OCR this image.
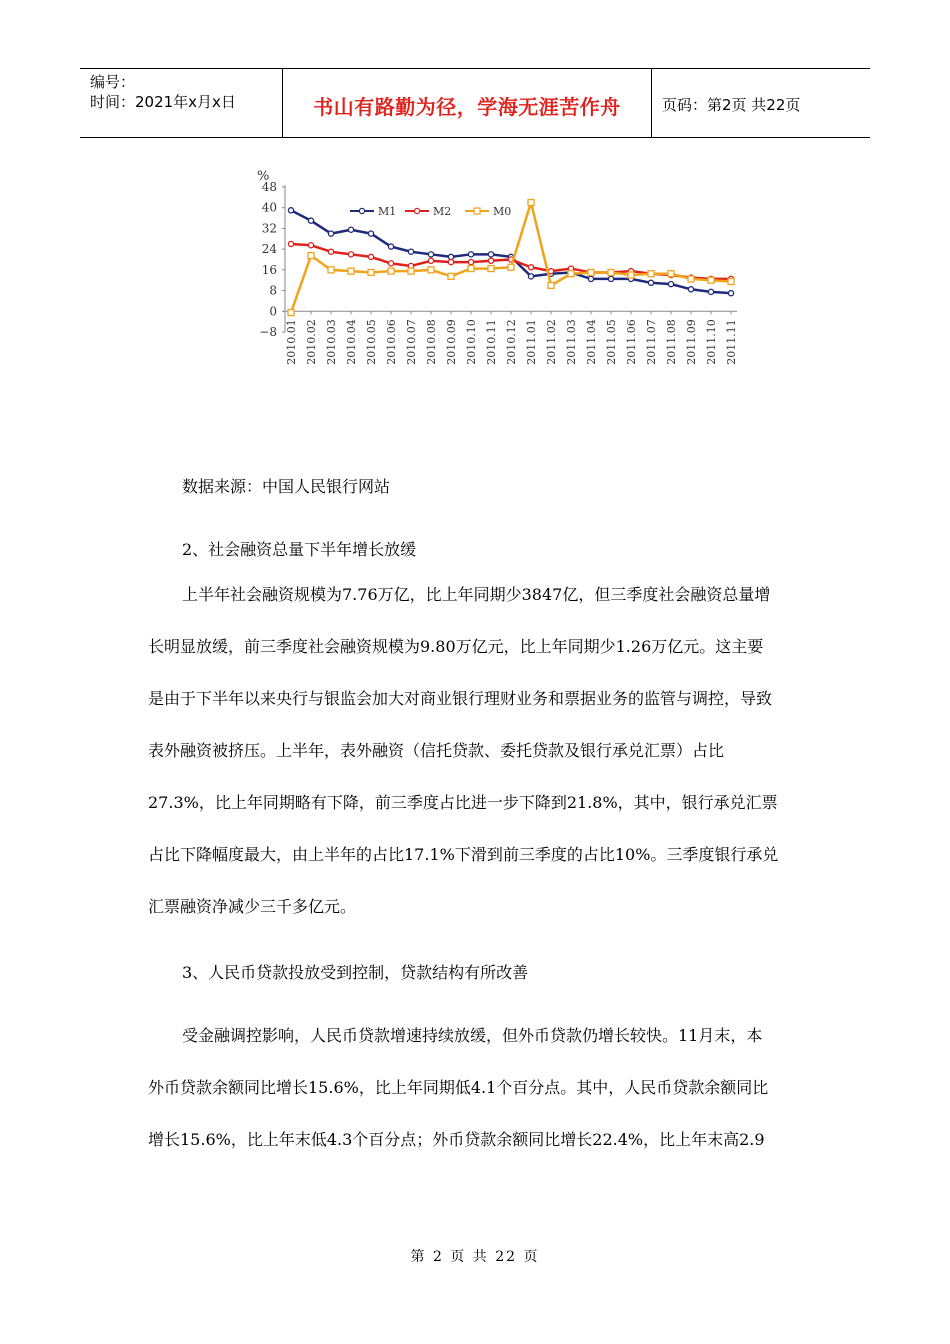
编号：
时间：2021年x月x日	书山有路勤为径，学海无涯苦作舟	页码：第2页 共22页
%
−8
0
8
16
24
32
40
48
2010.01 2010.02 2010.03 2010.04 2010.05 2010.06 2010.07 2010.08 2010.09 2010.10 2010.11 2010.12 2011.01 2011.02 2011.03 2011.04 2011.05 2011.06 2011.07 2011.08 2011.09 2011.10 2011.11
M1	M2	M0
数据来源：中国人民银行网站
2、社会融资总量下半年增长放缓
上半年社会融资规模为7.76万亿，比上年同期少3847亿，但三季度社会融资总量增
长明显放缓，前三季度社会融资规模为9.80万亿元，比上年同期少1.26万亿元。这主要
是由于下半年以来央行与银监会加大对商业银行理财业务和票据业务的监管与调控，导致
表外融资被挤压。上半年，表外融资（信托贷款、委托贷款及银行承兑汇票）占比
27.3%，比上年同期略有下降，前三季度占比进一步下降到21.8%，其中，银行承兑汇票
占比下降幅度最大，由上半年的占比17.1%下滑到前三季度的占比10%。三季度银行承兑
汇票融资净减少三千多亿元。
3、人民币贷款投放受到控制，贷款结构有所改善
受金融调控影响，人民币贷款增速持续放缓，但外币贷款仍增长较快。11月末，本
外币贷款余额同比增长15.6%，比上年同期低4.1个百分点。其中，人民币贷款余额同比
增长15.6%，比上年末低4.3个百分点；外币贷款余额同比增长22.4%，比上年末高2.9
第 2 页 共 22 页
